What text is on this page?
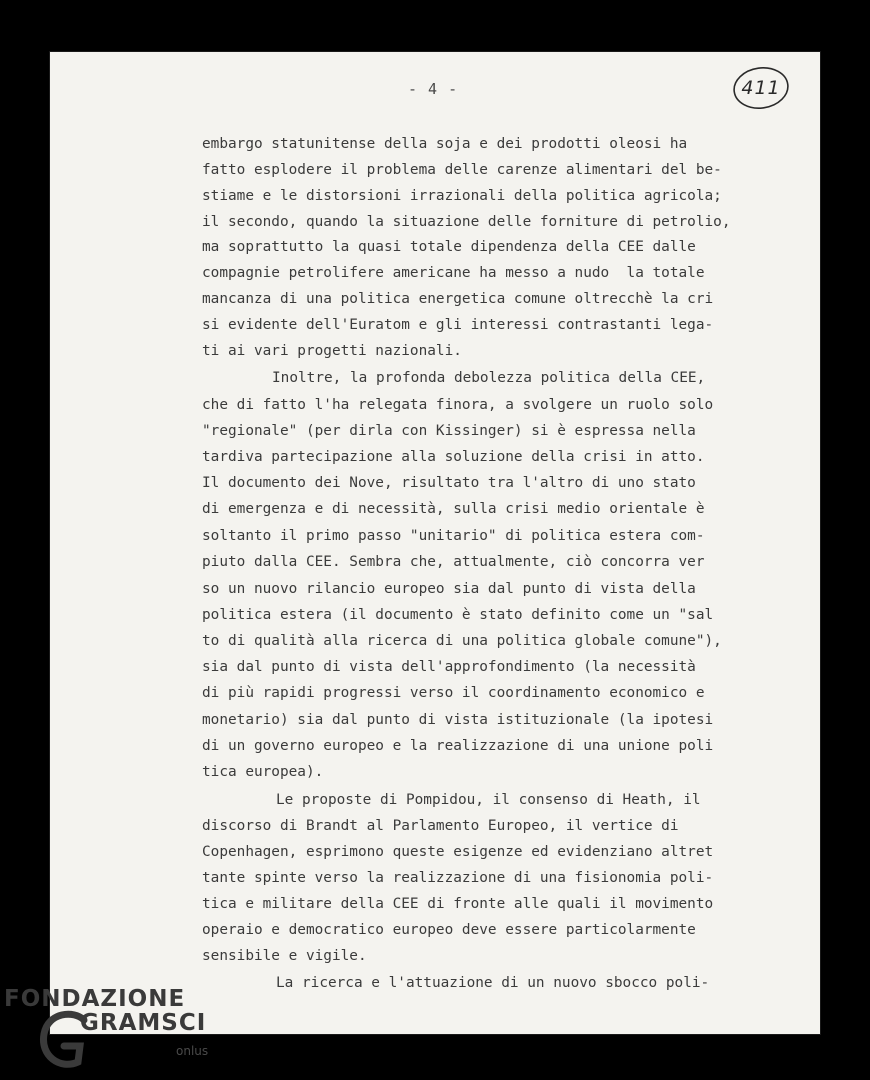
- 4 -	411
embargo statunitense della soja e dei prodotti oleosi ha
fatto esplodere il problema delle carenze alimentari del be-
stiame e le distorsioni irrazionali della politica agricola;
il secondo, quando la situazione delle forniture di petrolio,
ma soprattutto la quasi totale dipendenza della CEE dalle
compagnie petrolifere americane ha messo a nudo  la totale
mancanza di una politica energetica comune oltrecchè la cri
si evidente dell'Euratom e gli interessi contrastanti lega-
ti ai vari progetti nazionali.
Inoltre, la profonda debolezza politica della CEE,
che di fatto l'ha relegata finora, a svolgere un ruolo solo
"regionale" (per dirla con Kissinger) si è espressa nella
tardiva partecipazione alla soluzione della crisi in atto.
Il documento dei Nove, risultato tra l'altro di uno stato
di emergenza e di necessità, sulla crisi medio orientale è
soltanto il primo passo "unitario" di politica estera com-
piuto dalla CEE. Sembra che, attualmente, ciò concorra ver
so un nuovo rilancio europeo sia dal punto di vista della
politica estera (il documento è stato definito come un "sal
to di qualità alla ricerca di una politica globale comune"),
sia dal punto di vista dell'approfondimento (la necessità
di più rapidi progressi verso il coordinamento economico e
monetario) sia dal punto di vista istituzionale (la ipotesi
di un governo europeo e la realizzazione di una unione poli
tica europea).
Le proposte di Pompidou, il consenso di Heath, il
discorso di Brandt al Parlamento Europeo, il vertice di
Copenhagen, esprimono queste esigenze ed evidenziano altret
tante spinte verso la realizzazione di una fisionomia poli-
tica e militare della CEE di fronte alle quali il movimento
operaio e democratico europeo deve essere particolarmente
sensibile e vigile.
La ricerca e l'attuazione di un nuovo sbocco poli-
FONDAZIONE
GRAMSCI
onlus
